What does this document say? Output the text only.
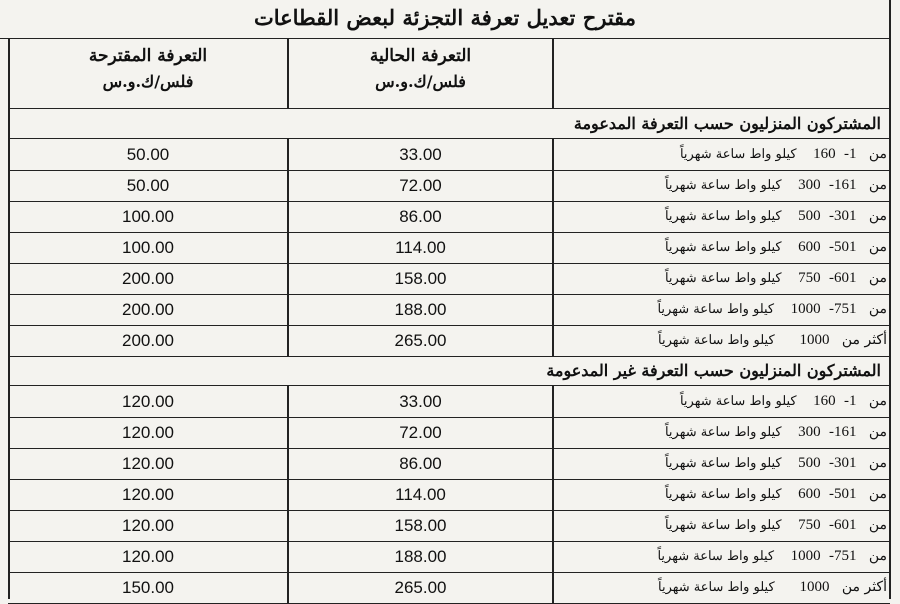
مقترح تعديل تعرفة التجزئة لبعض القطاعات
التعرفة المقترحة
فلس/ك.و.س
التعرفة الحالية
فلس/ك.و.س
المشتركون المنزليون حسب التعرفة المدعومة
50.00	33.00	من   1-  160    كيلو واط ساعة شهرياً
50.00	72.00	من   161-  300    كيلو واط ساعة شهرياً
100.00	86.00	من   301-  500    كيلو واط ساعة شهرياً
100.00	114.00	من   501-  600    كيلو واط ساعة شهرياً
200.00	158.00	من   601-  750    كيلو واط ساعة شهرياً
200.00	188.00	من   751-  1000    كيلو واط ساعة شهرياً
200.00	265.00	أكثر من   1000      كيلو واط ساعة شهرياً
المشتركون المنزليون حسب التعرفة غير المدعومة
120.00	33.00	من   1-  160    كيلو واط ساعة شهرياً
120.00	72.00	من   161-  300    كيلو واط ساعة شهرياً
120.00	86.00	من   301-  500    كيلو واط ساعة شهرياً
120.00	114.00	من   501-  600    كيلو واط ساعة شهرياً
120.00	158.00	من   601-  750    كيلو واط ساعة شهرياً
120.00	188.00	من   751-  1000    كيلو واط ساعة شهرياً
150.00	265.00	أكثر من   1000      كيلو واط ساعة شهرياً
